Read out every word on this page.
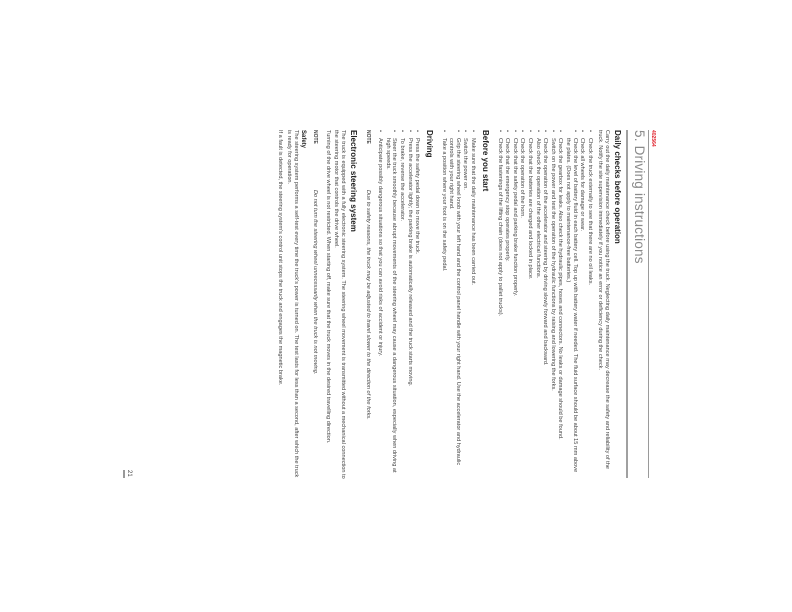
402564
5. Driving instructions
Daily checks before operation

Carry out the daily maintenance check before using the truck. Neglecting daily maintenance may decrease the safety and reliability of the truck. Notify the site supervision immediately if you notice an error or deficiency during the check.

•
Check the truck externally to see that there are no oil leaks.
•
Check all wheels for damage or wear.
•
Check the level of battery fluid in each battery cell. Top up with battery water if needed. The fluid surface should be about 15 mm above the plates. (Does not apply to maintenance-free batteries.)
•
Check the gearbox for leaks. Also check the hydraulic pipes, hoses and connectors. No leaks or damage should be found.
•
Switch on the power and test the operation of the hydraulic functions by raising and lowering the forks.
•
Check the operation of the accelerator and steering by driving slowly forward and backward.
•
Also check the operation of the other electrical functions.
•
Check that the batteries are charged and locked in place.
•
Check the operation of the horn.
•
Check that the safety pedal and parking brake function properly.
•
Check that the emergency stop operates properly.
•
Check the fastenings of the lifting chain (does not apply to pallet trucks).
Before you start
•
Make sure that the daily maintenance has been carried out.
•
Switch the power on.
•
Grip the steering wheel knob with your left hand and the control panel handle with your right hand. Use the accelerator and hydraulic controls with your right hand.
•
Take a position where your foot is on the safety pedal.
Driving
•
Press the safety pedal down to move the truck.
•
Press the accelerator lightly; the parking brake is automatically released and the truck starts moving.
•
To brake, reverse the accelerator.
•
Steer the truck smoothly because abrupt movements of the steering wheel may cause a dangerous situation, especially when driving at high speeds.
•
Anticipate possibly dangerous situations so that you can avoid risks of accident or injury.
NOTE
Due to safety reasons, the truck may be adjusted to travel slower to the direction of the forks.
Electronic steering system

The truck is equipped with a fully electronic steering system. The steering wheel movement is transmitted without a mechanical connection to the steering motor that controls the drive wheel.

Turning of the drive wheel is not restricted. When starting off, make sure that the truck moves in the desired travelling direction.

NOTE
Do not turn the steering wheel unnecessarily when the truck is not moving.
Safety

The steering system performs a self-test every time the truck's power is turned on. The test lasts for less than a second, after which the truck is ready for operation.

If a fault is detected, the steering system's control unit stops the truck and engages the magnetic brake.

21
